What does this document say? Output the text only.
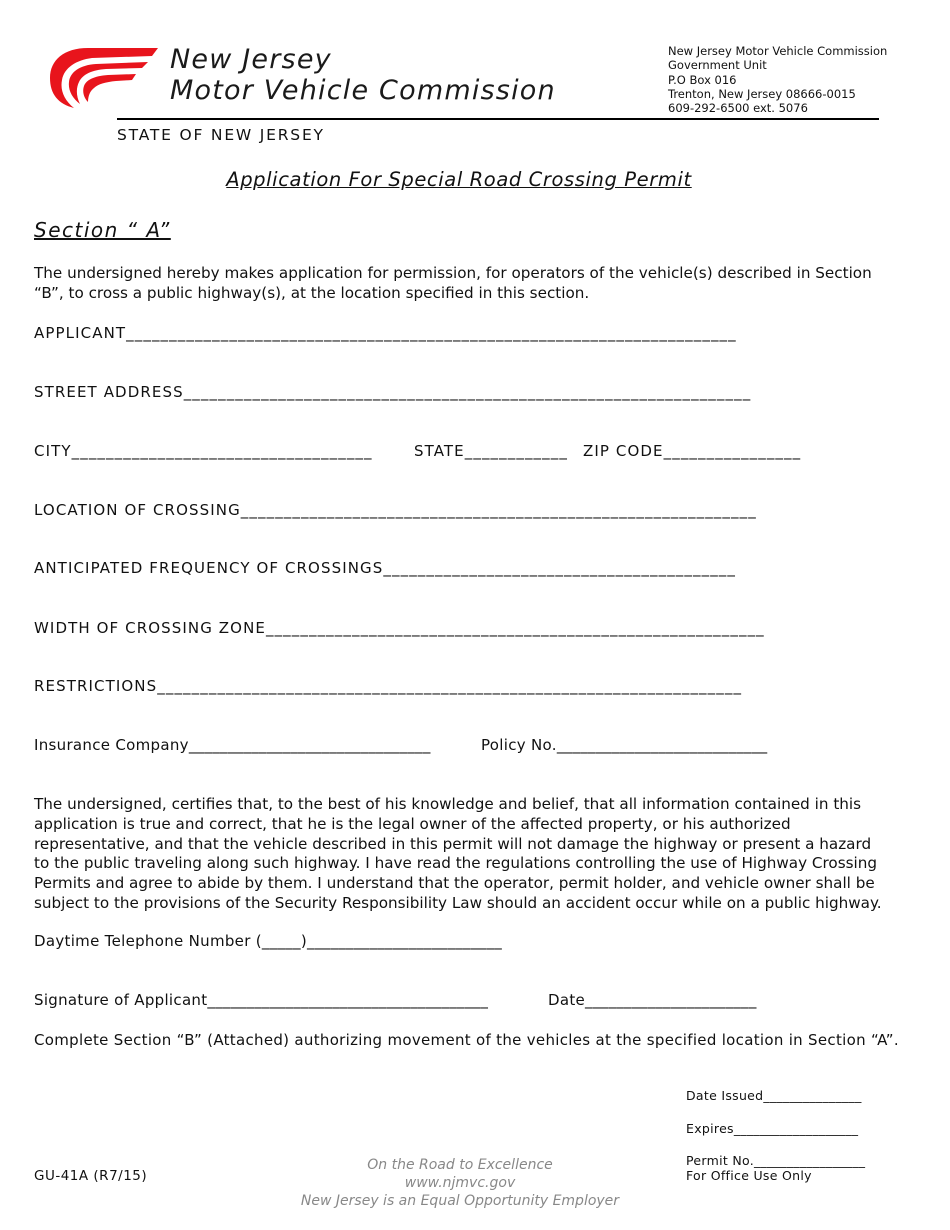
New Jersey
Motor Vehicle Commission
New Jersey Motor Vehicle Commission
Government Unit
P.O Box 016
Trenton, New Jersey 08666-0015
609-292-6500 ext. 5076
STATE OF NEW JERSEY
Application For Special Road Crossing Permit
Section “ A”
The undersigned hereby makes application for permission, for operators of the vehicle(s) described in Section “B”, to cross a public highway(s), at the location specified in this section.
APPLICANT_______________________________________________________________________
STREET ADDRESS__________________________________________________________________
CITY___________________________________	STATE____________ ZIP CODE________________
LOCATION OF CROSSING____________________________________________________________
ANTICIPATED FREQUENCY OF CROSSINGS_________________________________________
WIDTH OF CROSSING ZONE__________________________________________________________
RESTRICTIONS____________________________________________________________________
Insurance Company_______________________________	Policy No.___________________________
The undersigned, certifies that, to the best of his knowledge and belief, that all information contained in this application is true and correct, that he is the legal owner of the affected property, or his authorized representative, and that the vehicle described in this permit will not damage the highway or present a hazard to the public traveling along such highway. I have read the regulations controlling the use of Highway Crossing Permits and agree to abide by them. I understand that the operator, permit holder, and vehicle owner shall be subject to the provisions of the Security Responsibility Law should an accident occur while on a public highway.
Daytime Telephone Number (_____)_________________________
Signature of Applicant____________________________________	Date______________________
Complete Section “B” (Attached) authorizing movement of the vehicles at the specified location in Section “A”.
Date Issued_______________
Expires___________________
Permit No._________________
For Office Use Only
GU-41A (R7/15)
On the Road to Excellence
www.njmvc.gov
New Jersey is an Equal Opportunity Employer
